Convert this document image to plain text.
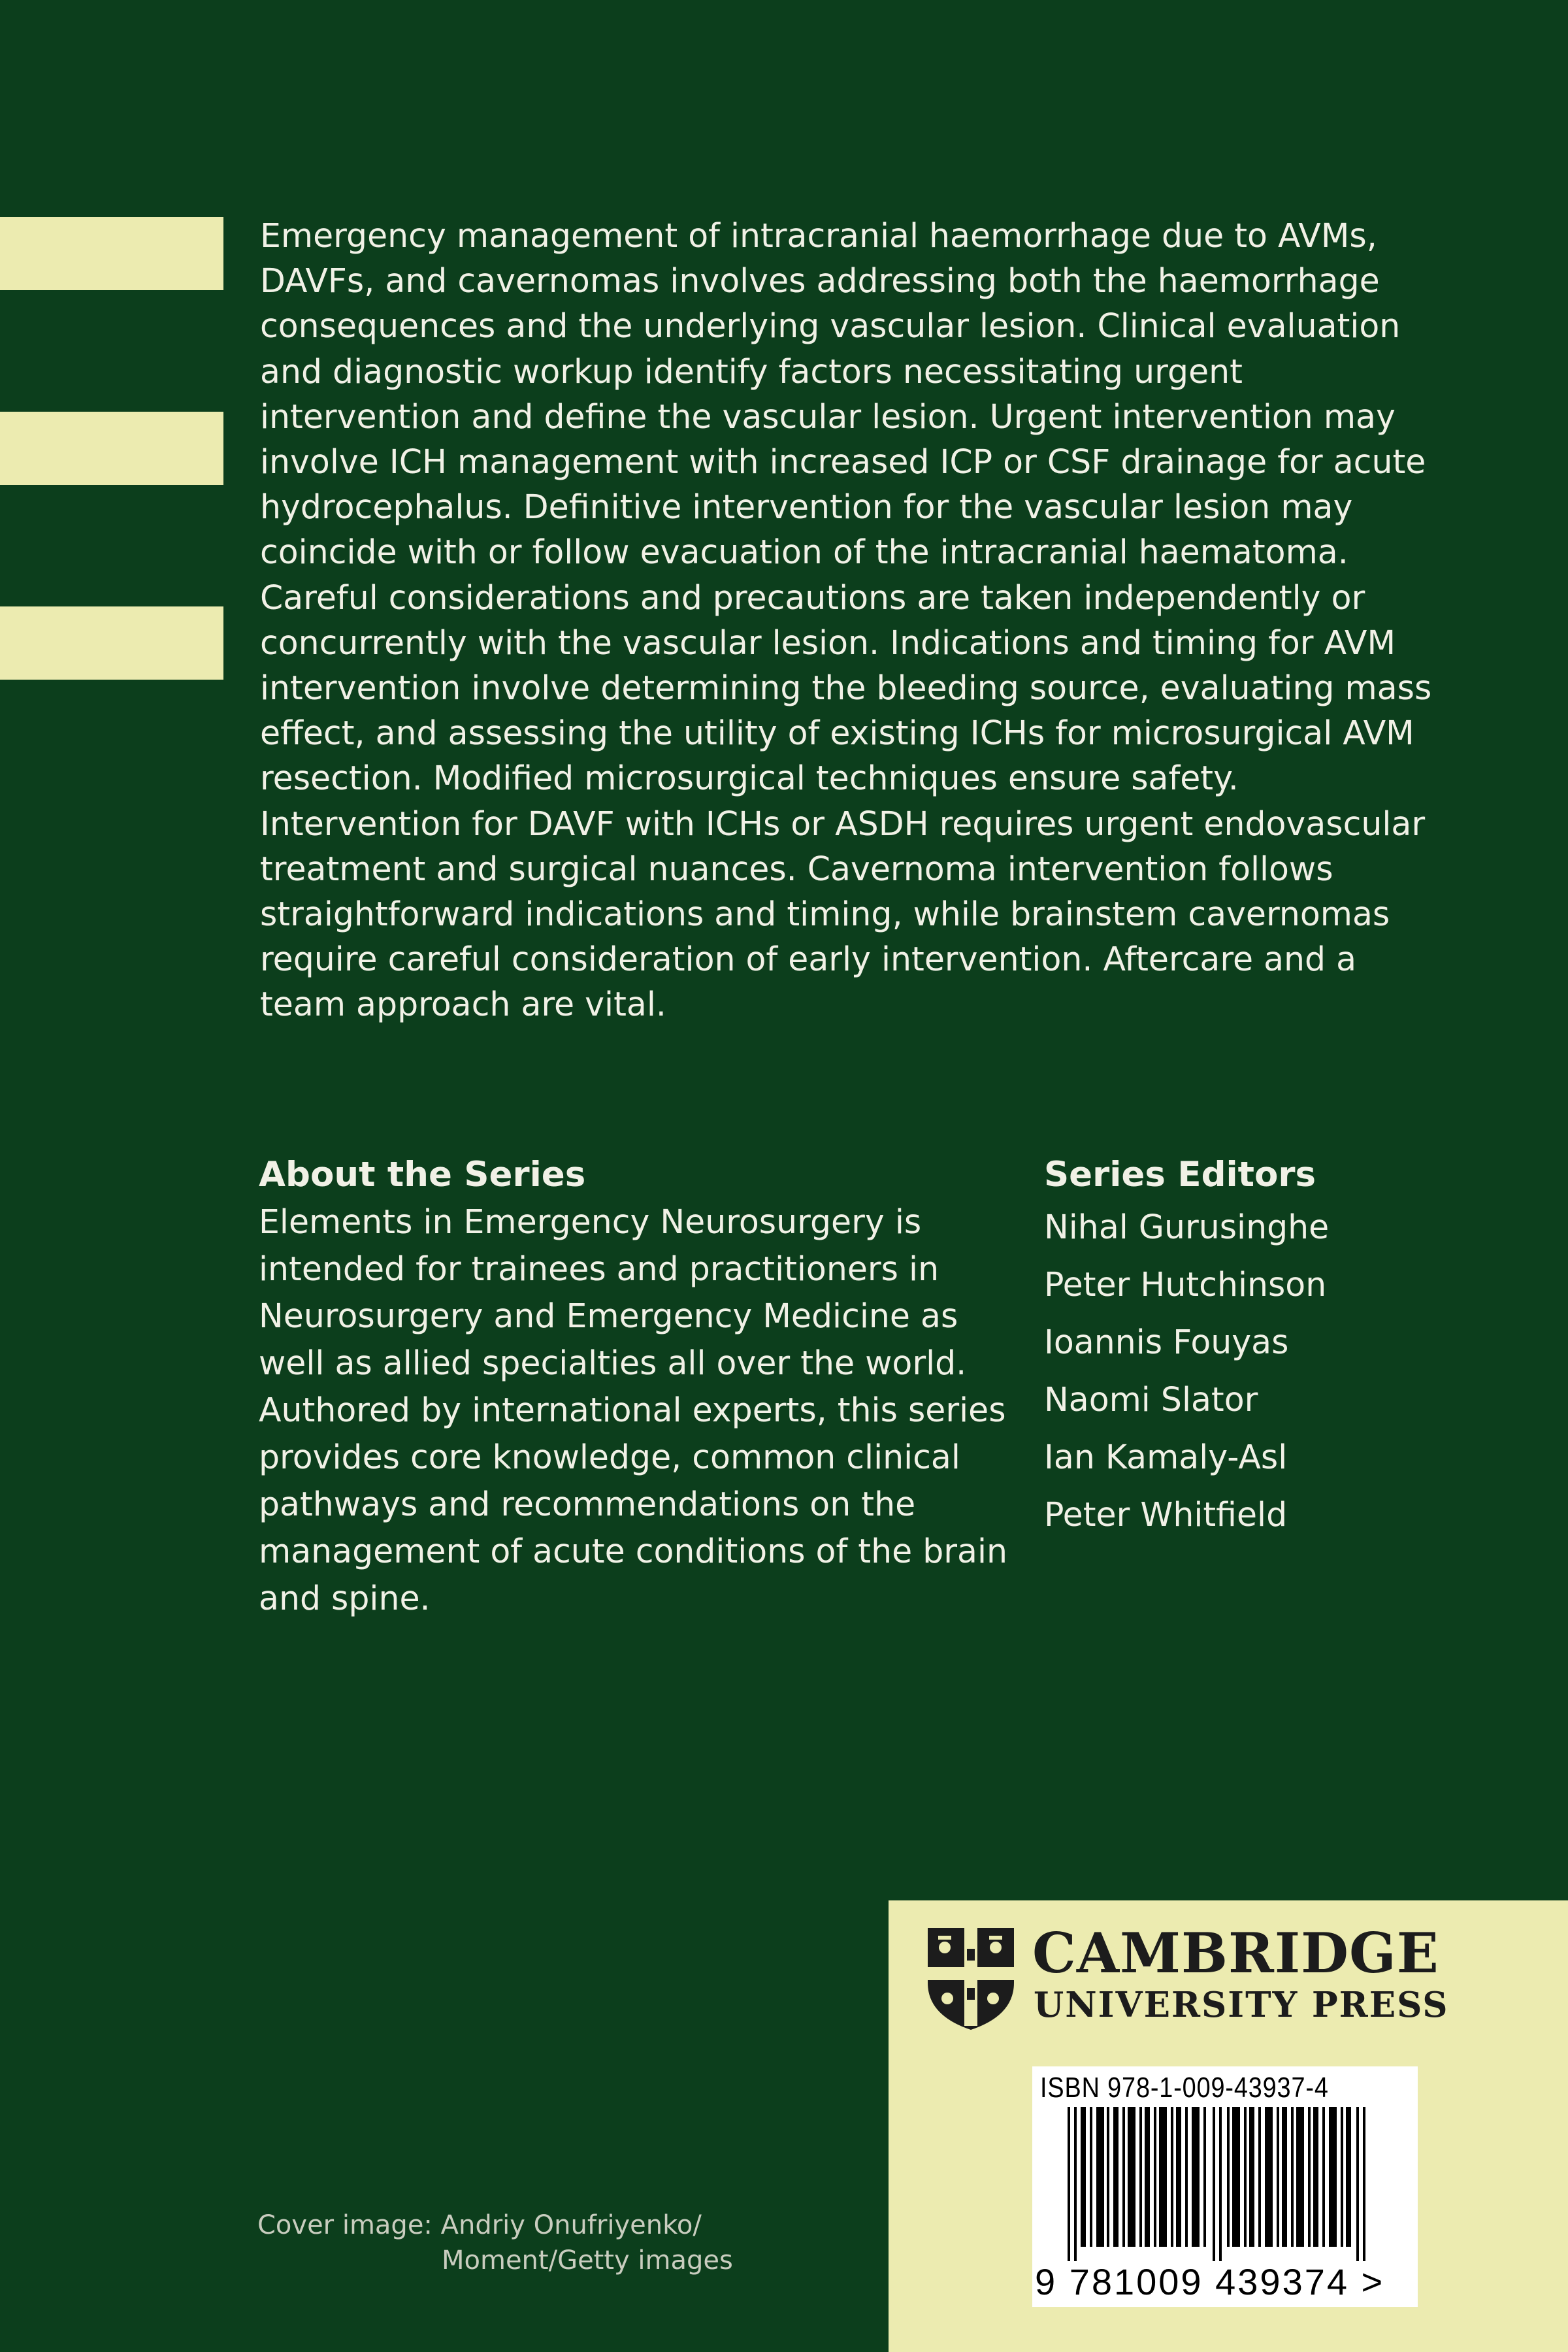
Emergency management of intracranial haemorrhage due to AVMs, DAVFs, and cavernomas involves addressing both the haemorrhage consequences and the underlying vascular lesion. Clinical evaluation and diagnostic workup identify factors necessitating urgent intervention and define the vascular lesion. Urgent intervention may involve ICH management with increased ICP or CSF drainage for acute hydrocephalus. Definitive intervention for the vascular lesion may coincide with or follow evacuation of the intracranial haematoma. Careful considerations and precautions are taken independently or concurrently with the vascular lesion. Indications and timing for AVM intervention involve determining the bleeding source, evaluating mass effect, and assessing the utility of existing ICHs for microsurgical AVM resection. Modified microsurgical techniques ensure safety. Intervention for DAVF with ICHs or ASDH requires urgent endovascular treatment and surgical nuances. Cavernoma intervention follows straightforward indications and timing, while brainstem cavernomas require careful consideration of early intervention. Aftercare and a team approach are vital.

About the Series

Elements in Emergency Neurosurgery is intended for trainees and practitioners in Neurosurgery and Emergency Medicine as well as allied specialties all over the world. Authored by international experts, this series provides core knowledge, common clinical pathways and recommendations on the management of acute conditions of the brain and spine.

Series Editors
Nihal Gurusinghe
Peter Hutchinson
Ioannis Fouyas
Naomi Slator
Ian Kamaly-Asl
Peter Whitfield
Cover image: Andriy Onufriyenko/
Moment/Getty images
CAMBRIDGE
UNIVERSITY PRESS
ISBN 978-1-009-43937-4
9 781009 439374 >
